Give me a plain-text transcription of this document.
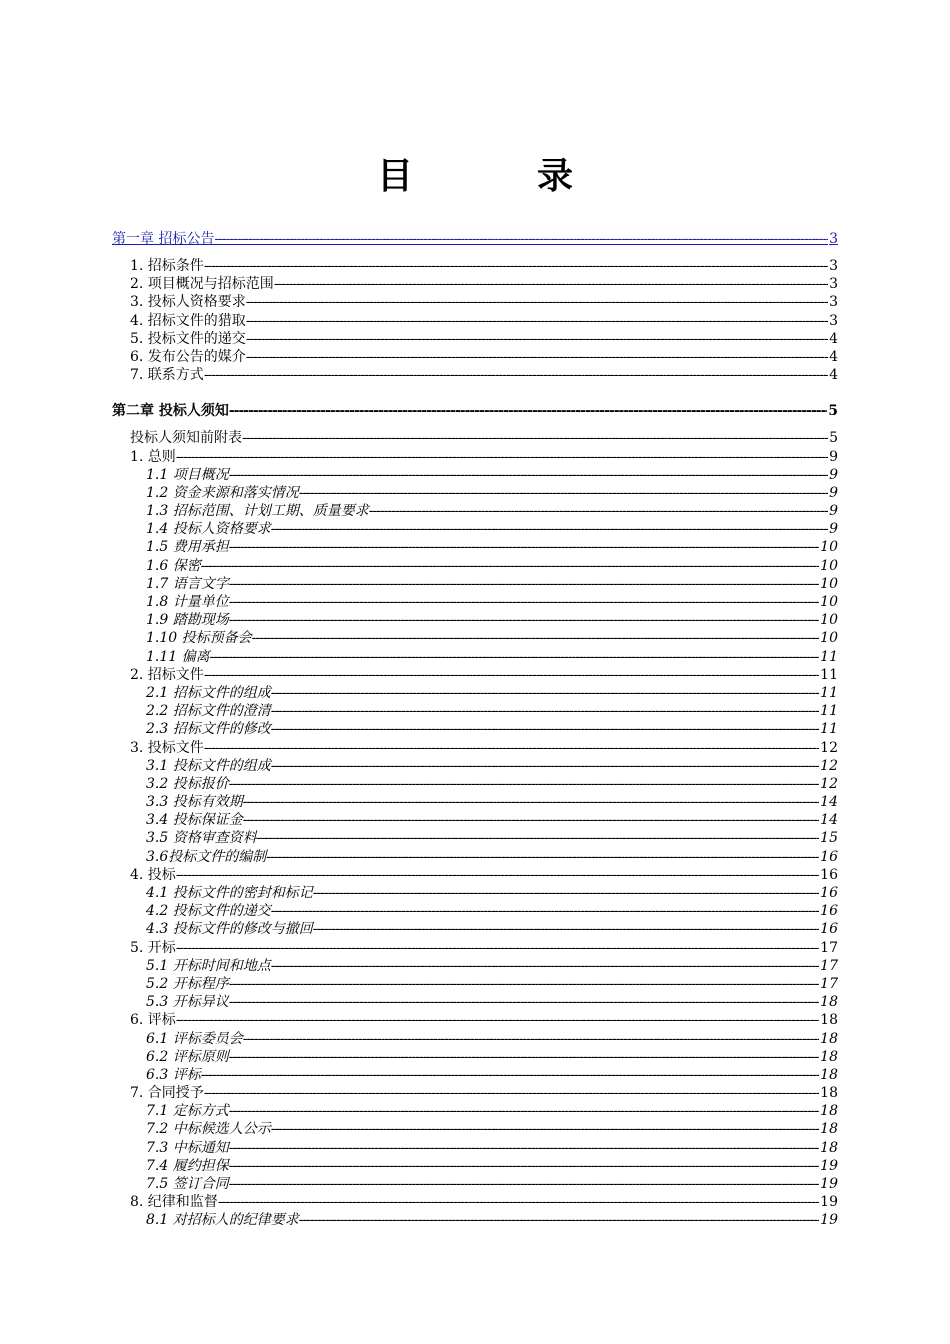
目　录
第一章 招标公告 -----	3
1. 招标条件 -----	3
2. 项目概况与招标范围 -----	3
3. 投标人资格要求 -----	3
4. 招标文件的猎取 -----	3
5. 投标文件的递交 -----	4
6. 发布公告的媒介 -----	4
7. 联系方式 -----	4
第二章 投标人须知 -----	5
投标人须知前附表 -----	5
1. 总则 -----	9
1.1 项目概况 -----	9
1.2 资金来源和落实情况 -----	9
1.3 招标范围、计划工期、质量要求 -----	9
1.4 投标人资格要求 -----	9
1.5 费用承担 -----	10
1.6 保密 -----	10
1.7 语言文字 -----	10
1.8 计量单位 -----	10
1.9 踏勘现场 -----	10
1.10 投标预备会 -----	10
1.11 偏离 -----	11
2. 招标文件 -----	11
2.1 招标文件的组成 -----	11
2.2 招标文件的澄清 -----	11
2.3 招标文件的修改 -----	11
3. 投标文件 -----	12
3.1 投标文件的组成 -----	12
3.2 投标报价 -----	12
3.3 投标有效期 -----	14
3.4 投标保证金 -----	14
3.5 资格审查资料 -----	15
3.6投标文件的编制 -----	16
4. 投标 -----	16
4.1 投标文件的密封和标记 -----	16
4.2 投标文件的递交 -----	16
4.3 投标文件的修改与撤回 -----	16
5. 开标 -----	17
5.1 开标时间和地点 -----	17
5.2 开标程序 -----	17
5.3 开标异议 -----	18
6. 评标 -----	18
6.1 评标委员会 -----	18
6.2 评标原则 -----	18
6.3 评标 -----	18
7. 合同授予 -----	18
7.1 定标方式 -----	18
7.2 中标候选人公示 -----	18
7.3 中标通知 -----	18
7.4 履约担保 -----	19
7.5 签订合同 -----	19
8. 纪律和监督 -----	19
8.1 对招标人的纪律要求 -----	19
